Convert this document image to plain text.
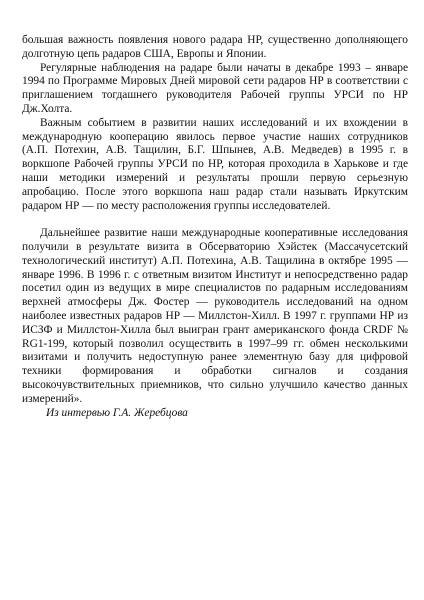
большая важность появления нового радара НР, существенно дополняющего долготную цепь радаров США, Европы и Японии.

Регулярные наблюдения на радаре были начаты в декабре 1993 – январе 1994 по Программе Мировых Дней мировой сети радаров НР в соответствии с приглашением тогдашнего руководителя Рабочей группы УРСИ по НР Дж.Холта.

Важным событием в развитии наших исследований и их вхождении в международную кооперацию явилось первое участие наших сотрудников (А.П. Потехин, А.В. Тащилин, Б.Г. Шпынев, А.В. Медведев) в 1995 г. в воркшопе Рабочей группы УРСИ по НР, которая проходила в Харькове и где наши методики измерений и результаты прошли первую серьезную апробацию. После этого воркшопа наш радар стали называть Иркутским радаром НР — по месту расположения группы исследователей.

Дальнейшее развитие наши международные кооперативные исследования получили в результате визита в Обсерваторию Хэйстек (Массачусетский технологический институт) А.П. Потехина, А.В. Тащилина в октябре 1995 — январе 1996. В 1996 г. с ответным визитом Институт и непосредственно радар посетил один из ведущих в мире специалистов по радарным исследованиям верхней атмосферы Дж. Фостер — руководитель исследований на одном наиболее известных радаров НР — Миллстон-Хилл. В 1997 г. группами НР из ИСЗФ и Миллстон-Хилла был выигран грант американского фонда CRDF № RG1-199, который позволил осуществить в 1997–99 гг. обмен несколькими визитами и получить недоступную ранее элементную базу для цифровой техники формирования и обработки сигналов и создания высокочувствительных приемников, что сильно улучшило качество данных измерений».

Из интервью Г.А. Жеребцова
